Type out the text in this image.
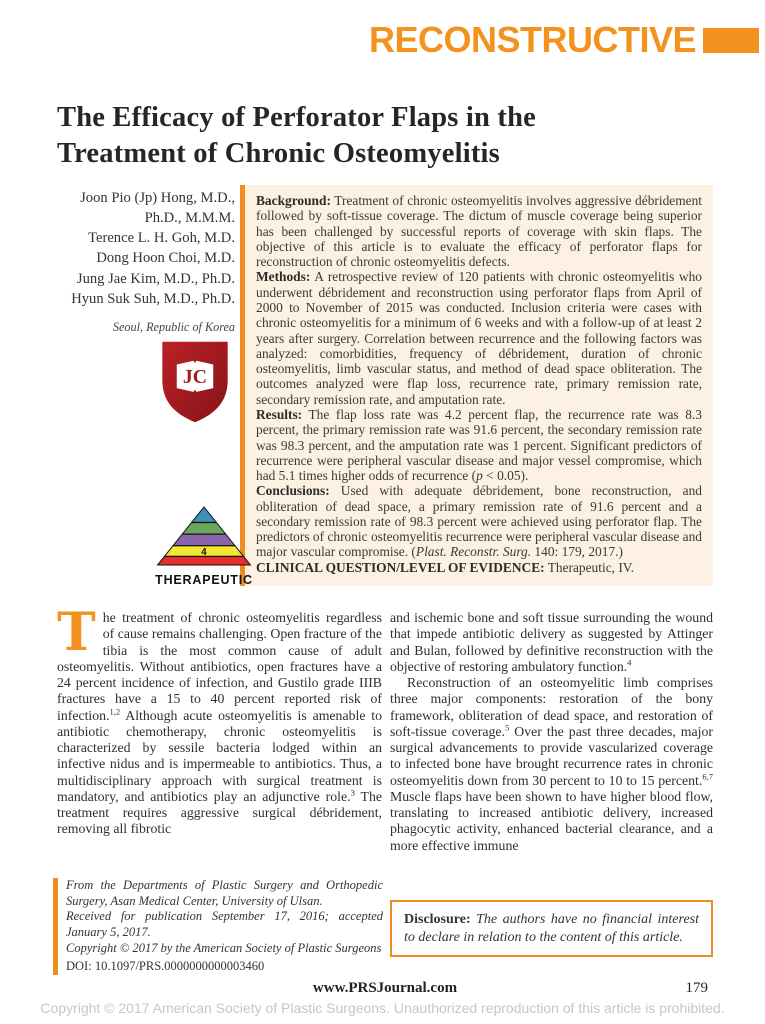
RECONSTRUCTIVE
The Efficacy of Perforator Flaps in the Treatment of Chronic Osteomyelitis
Joon Pio (Jp) Hong, M.D.,
Ph.D., M.M.M.
Terence L. H. Goh, M.D.
Dong Hoon Choi, M.D.
Jung Jae Kim, M.D., Ph.D.
Hyun Suk Suh, M.D., Ph.D.
Seoul, Republic of Korea

Background: Treatment of chronic osteomyelitis involves aggressive débridement followed by soft-tissue coverage. The dictum of muscle coverage being superior has been challenged by successful reports of coverage with skin flaps. The objective of this article is to evaluate the efficacy of perforator flaps for reconstruction of chronic osteomyelitis defects.

Methods: A retrospective review of 120 patients with chronic osteomyelitis who underwent débridement and reconstruction using perforator flaps from April of 2000 to November of 2015 was conducted. Inclusion criteria were cases with chronic osteomyelitis for a minimum of 6 weeks and with a follow-up of at least 2 years after surgery. Correlation between recurrence and the following factors was analyzed: comorbidities, frequency of débridement, duration of chronic osteomyelitis, limb vascular status, and method of dead space obliteration. The outcomes analyzed were flap loss, recurrence rate, primary remission rate, secondary remission rate, and amputation rate.

Results: The flap loss rate was 4.2 percent flap, the recurrence rate was 8.3 percent, the primary remission rate was 91.6 percent, the secondary remission rate was 98.3 percent, and the amputation rate was 1 percent. Significant predictors of recurrence were peripheral vascular disease and major vessel compromise, which had 5.1 times higher odds of recurrence (p < 0.05).

Conclusions: Used with adequate débridement, bone reconstruction, and obliteration of dead space, a primary remission rate of 91.6 percent and a secondary remission rate of 98.3 percent were achieved using perforator flap. The predictors of chronic osteomyelitis recurrence were peripheral vascular disease and major vascular compromise. (Plast. Reconstr. Surg. 140: 179, 2017.)

CLINICAL QUESTION/LEVEL OF EVIDENCE: Therapeutic, IV.

JC
4
THERAPEUTIC

The treatment of chronic osteomyelitis regardless of cause remains challenging. Open fracture of the tibia is the most common cause of adult osteomyelitis. Without antibiotics, open fractures have a 24 percent incidence of infection, and Gustilo grade IIIB fractures have a 15 to 40 percent reported risk of infection.$^{1,2}$ Although acute osteomyelitis is amenable to antibiotic chemotherapy, chronic osteomyelitis is characterized by sessile bacteria lodged within an infective nidus and is impermeable to antibiotics. Thus, a multidisciplinary approach with surgical treatment is mandatory, and antibiotics play an adjunctive role.$^3$ The treatment requires aggressive surgical débridement, removing all fibrotic

From the Departments of Plastic Surgery and Orthopedic Surgery, Asan Medical Center, University of Ulsan.
Received for publication September 17, 2016; accepted January 5, 2017.
Copyright © 2017 by the American Society of Plastic Surgeons
DOI: 10.1097/PRS.0000000000003460

and ischemic bone and soft tissue surrounding the wound that impede antibiotic delivery as suggested by Attinger and Bulan, followed by definitive reconstruction with the objective of restoring ambulatory function.$^4$

Reconstruction of an osteomyelitic limb comprises three major components: restoration of the bony framework, obliteration of dead space, and restoration of soft-tissue coverage.$^5$ Over the past three decades, major surgical advancements to provide vascularized coverage to infected bone have brought recurrence rates in chronic osteomyelitis down from 30 percent to 10 to 15 percent.$^{6,7}$ Muscle flaps have been shown to have higher blood flow, translating to increased antibiotic delivery, increased phagocytic activity, enhanced bacterial clearance, and a more effective immune

Disclosure: The authors have no financial interest to declare in relation to the content of this article.
www.PRSJournal.com	179
Copyright © 2017 American Society of Plastic Surgeons. Unauthorized reproduction of this article is prohibited.
